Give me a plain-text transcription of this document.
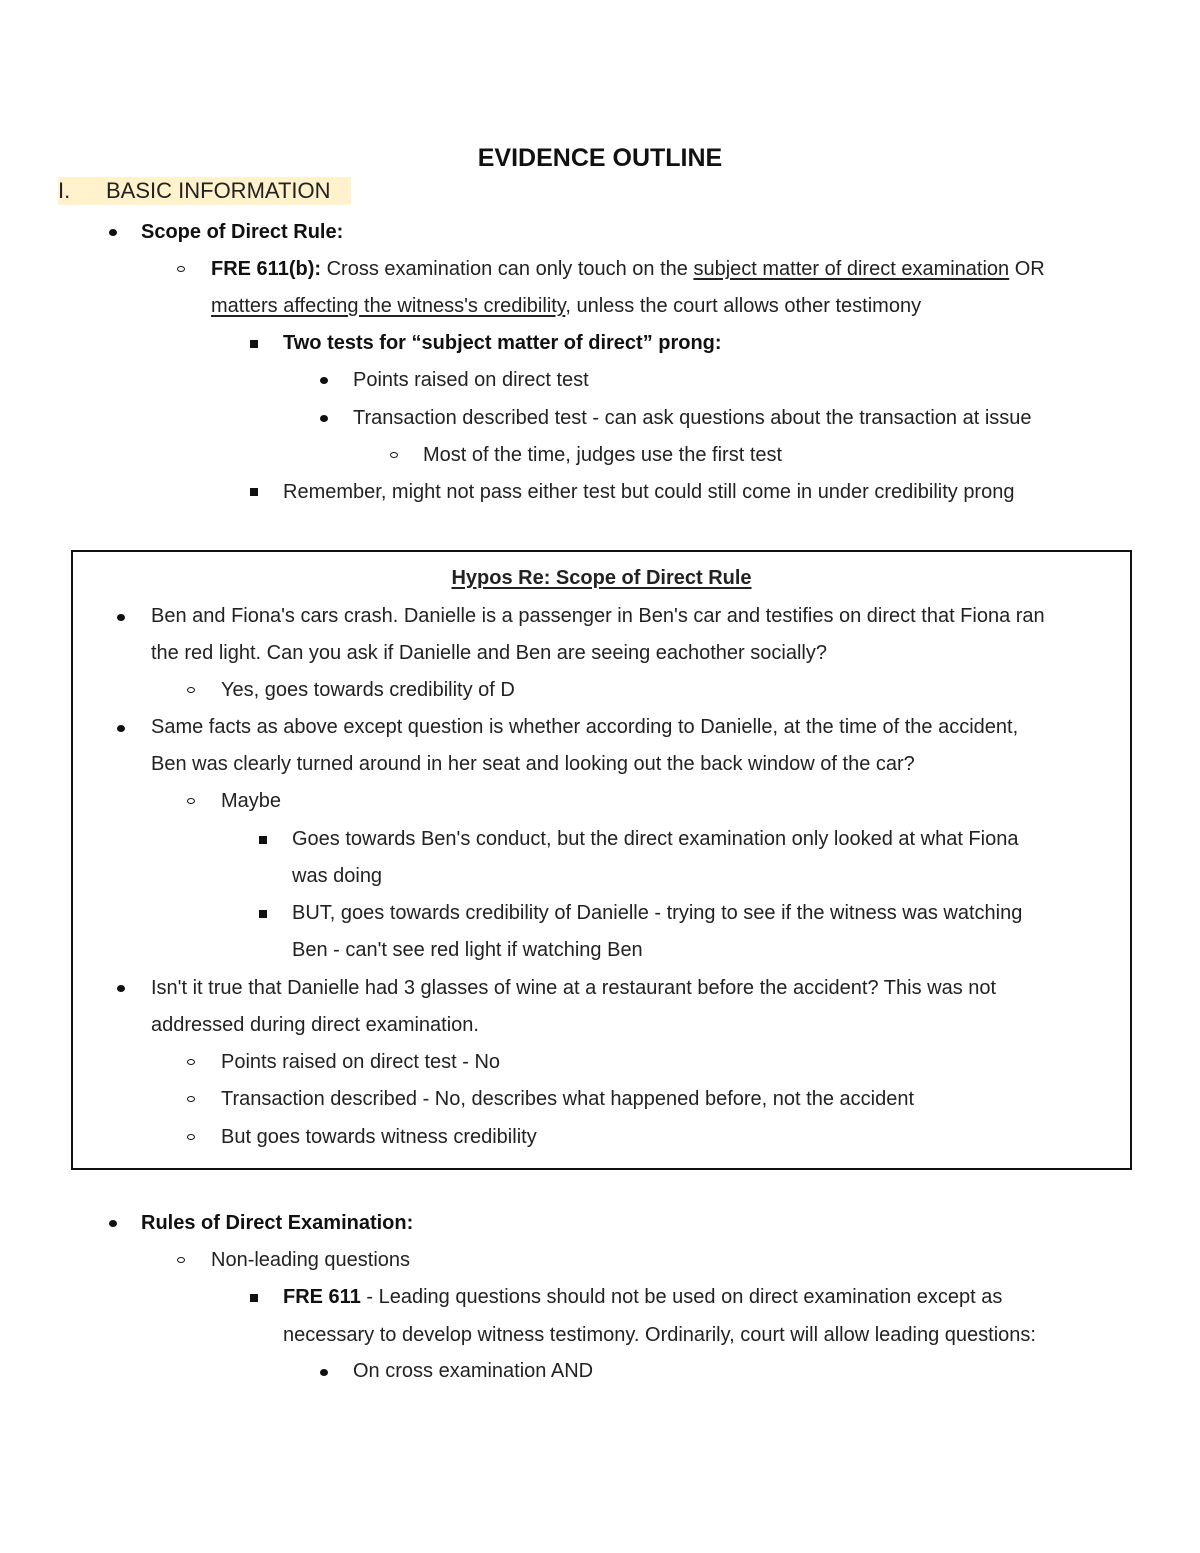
EVIDENCE OUTLINE
I. BASIC INFORMATION
Scope of Direct Rule:
FRE 611(b): Cross examination can only touch on the subject matter of direct examination OR
matters affecting the witness's credibility, unless the court allows other testimony
Two tests for “subject matter of direct” prong:
Points raised on direct test
Transaction described test - can ask questions about the transaction at issue
Most of the time, judges use the first test
Remember, might not pass either test but could still come in under credibility prong
Hypos Re: Scope of Direct Rule
Ben and Fiona's cars crash. Danielle is a passenger in Ben's car and testifies on direct that Fiona ran
the red light. Can you ask if Danielle and Ben are seeing eachother socially?
Yes, goes towards credibility of D
Same facts as above except question is whether according to Danielle, at the time of the accident,
Ben was clearly turned around in her seat and looking out the back window of the car?
Maybe
Goes towards Ben's conduct, but the direct examination only looked at what Fiona
was doing
BUT, goes towards credibility of Danielle - trying to see if the witness was watching
Ben - can't see red light if watching Ben
Isn't it true that Danielle had 3 glasses of wine at a restaurant before the accident? This was not
addressed during direct examination.
Points raised on direct test - No
Transaction described - No, describes what happened before, not the accident
But goes towards witness credibility
Rules of Direct Examination:
Non-leading questions
FRE 611 - Leading questions should not be used on direct examination except as
necessary to develop witness testimony. Ordinarily, court will allow leading questions:
On cross examination AND
